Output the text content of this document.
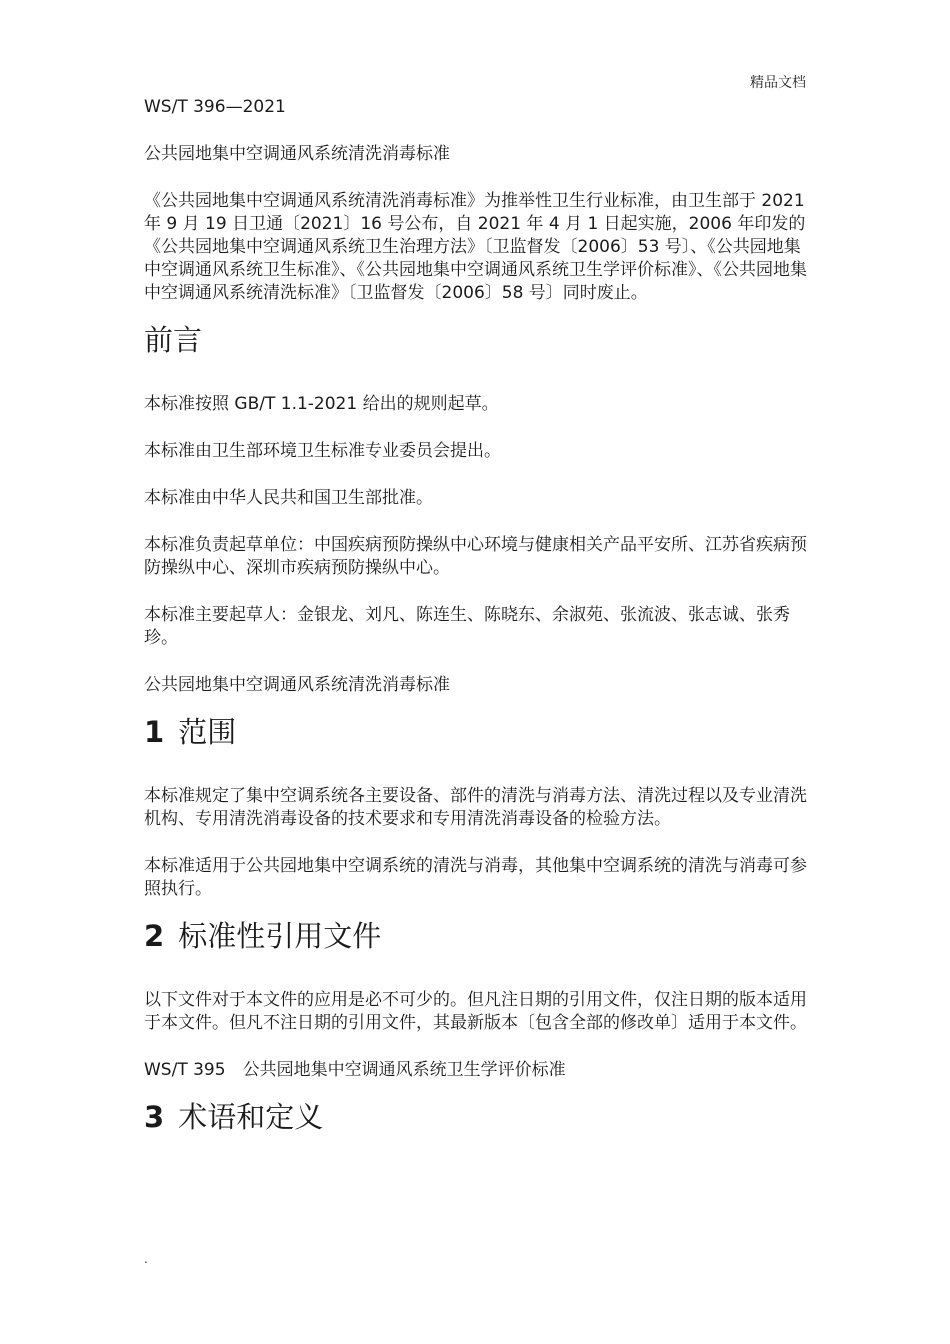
精品文档

WS/T 396—2021

公共园地集中空调通风系统清洗消毒标准

《公共园地集中空调通风系统清洗消毒标准》为推举性卫生行业标准，由卫生部于 2021 年 9 月 19 日卫通〔2021〕16 号公布，自 2021 年 4 月 1 日起实施，2006 年印发的《公共园地集中空调通风系统卫生治理方法》〔卫监督发〔2006〕53 号〕、《公共园地集中空调通风系统卫生标准》、《公共园地集中空调通风系统卫生学评价标准》、《公共园地集中空调通风系统清洗标准》〔卫监督发〔2006〕58 号〕同时废止。

前言

本标准按照 GB/T 1.1-2021 给出的规则起草。

本标准由卫生部环境卫生标准专业委员会提出。

本标准由中华人民共和国卫生部批准。

本标准负责起草单位：中国疾病预防操纵中心环境与健康相关产品平安所、江苏省疾病预防操纵中心、深圳市疾病预防操纵中心。

本标准主要起草人：金银龙、刘凡、陈连生、陈晓东、余淑苑、张流波、张志诚、张秀珍。

公共园地集中空调通风系统清洗消毒标准

1 范围

本标准规定了集中空调系统各主要设备、部件的清洗与消毒方法、清洗过程以及专业清洗机构、专用清洗消毒设备的技术要求和专用清洗消毒设备的检验方法。

本标准适用于公共园地集中空调系统的清洗与消毒，其他集中空调系统的清洗与消毒可参照执行。

2 标准性引用文件

以下文件对于本文件的应用是必不可少的。但凡注日期的引用文件，仅注日期的版本适用于本文件。但凡不注日期的引用文件，其最新版本〔包含全部的修改单〕适用于本文件。

WS/T 395　公共园地集中空调通风系统卫生学评价标准

3 术语和定义
.
